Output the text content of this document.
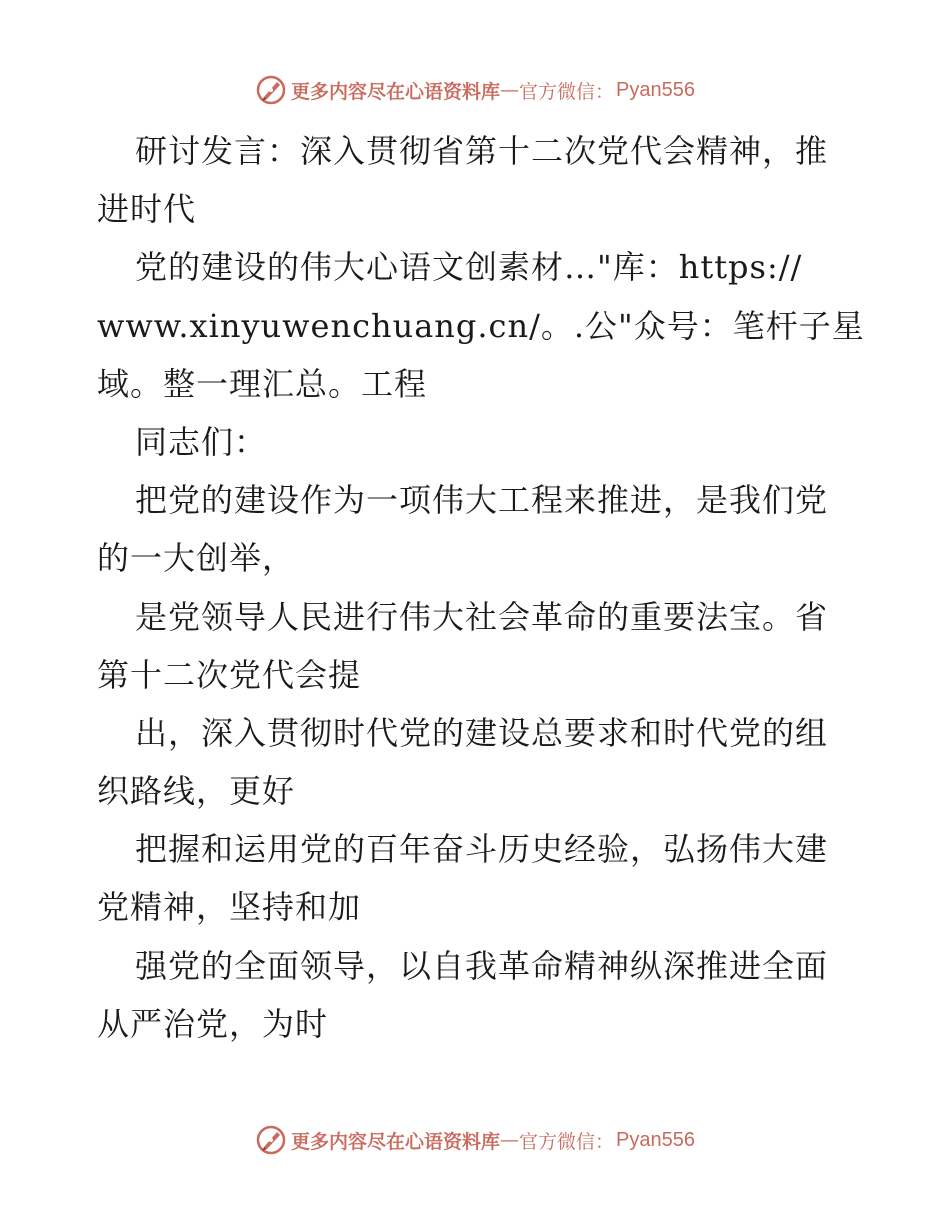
更多内容尽在心语资料库 — 官方微信： Pyan556
研讨发言：深入贯彻省第十二次党代会精神，推
进时代
党的建设的伟大心语文创素材…"库：https://
www.xinyuwenchuang.cn/。.公"众号：笔杆子星
域。整一理汇总。工程
同志们：
把党的建设作为一项伟大工程来推进，是我们党
的一大创举，
是党领导人民进行伟大社会革命的重要法宝。省
第十二次党代会提
出，深入贯彻时代党的建设总要求和时代党的组
织路线，更好
把握和运用党的百年奋斗历史经验，弘扬伟大建
党精神，坚持和加
强党的全面领导，以自我革命精神纵深推进全面
从严治党，为时
更多内容尽在心语资料库 — 官方微信： Pyan556
